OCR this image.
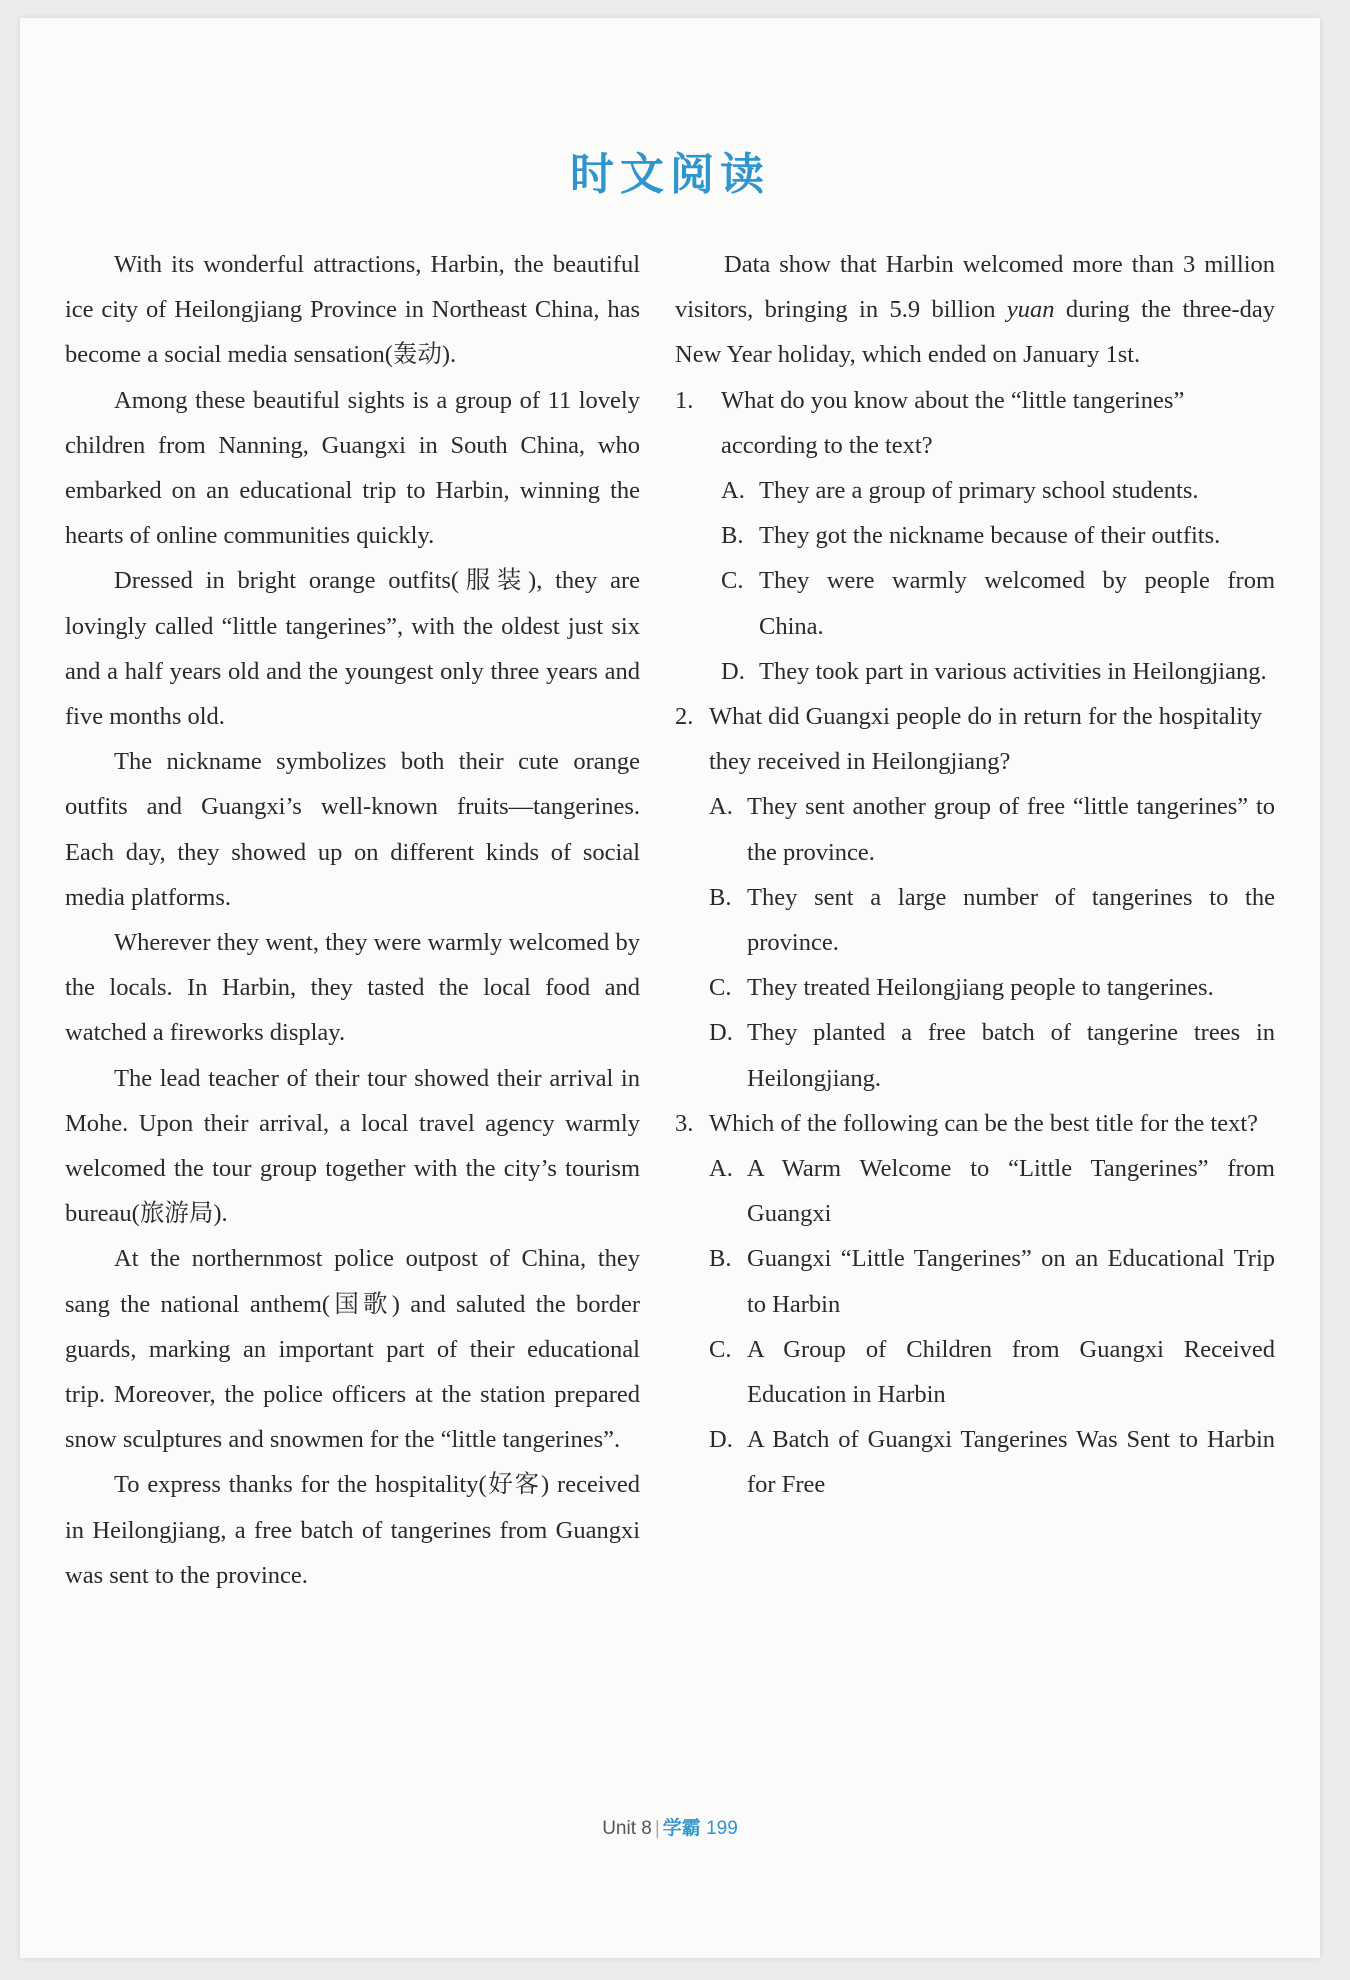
时文阅读

With its wonderful attractions, Harbin, the beautiful ice city of Heilongjiang Province in Northeast China, has become a social media sensation(轰动).

Among these beautiful sights is a group of 11 lovely children from Nanning, Guangxi in South China, who embarked on an educational trip to Harbin, winning the hearts of online communities quickly.

Dressed in bright orange outfits(服装), they are lovingly called “little tangerines”, with the oldest just six and a half years old and the youngest only three years and five months old.

The nickname symbolizes both their cute orange outfits and Guangxi’s well-known fruits—tangerines. Each day, they showed up on different kinds of social media platforms.

Wherever they went, they were warmly welcomed by the locals. In Harbin, they tasted the local food and watched a fireworks display.

The lead teacher of their tour showed their arrival in Mohe. Upon their arrival, a local travel agency warmly welcomed the tour group together with the city’s tourism bureau(旅游局).

At the northernmost police outpost of China, they sang the national anthem(国歌) and saluted the border guards, marking an important part of their educational trip. Moreover, the police officers at the station prepared snow sculptures and snowmen for the “little tangerines”.

To express thanks for the hospitality(好客) received in Heilongjiang, a free batch of tangerines from Guangxi was sent to the province.

Data show that Harbin welcomed more than 3 million visitors, bringing in 5.9 billion yuan during the three-day New Year holiday, which ended on January 1st.

1.	What do you know about the “little tangerines” according to the text?
A. They are a group of primary school students.
B. They got the nickname because of their outfits.
C. They were warmly welcomed by people from China.
D. They took part in various activities in Heilongjiang.
2. What did Guangxi people do in return for the hospitality they received in Heilongjiang?
A. They sent another group of free “little tangerines” to the province.
B. They sent a large number of tangerines to the province.
C. They treated Heilongjiang people to tangerines.
D. They planted a free batch of tangerine trees in Heilongjiang.
3. Which of the following can be the best title for the text?
A. A Warm Welcome to “Little Tangerines” from Guangxi
B. Guangxi “Little Tangerines” on an Educational Trip to Harbin
C. A Group of Children from Guangxi Received Education in Harbin
D. A Batch of Guangxi Tangerines Was Sent to Harbin for Free
Unit 8 | 学霸 199
